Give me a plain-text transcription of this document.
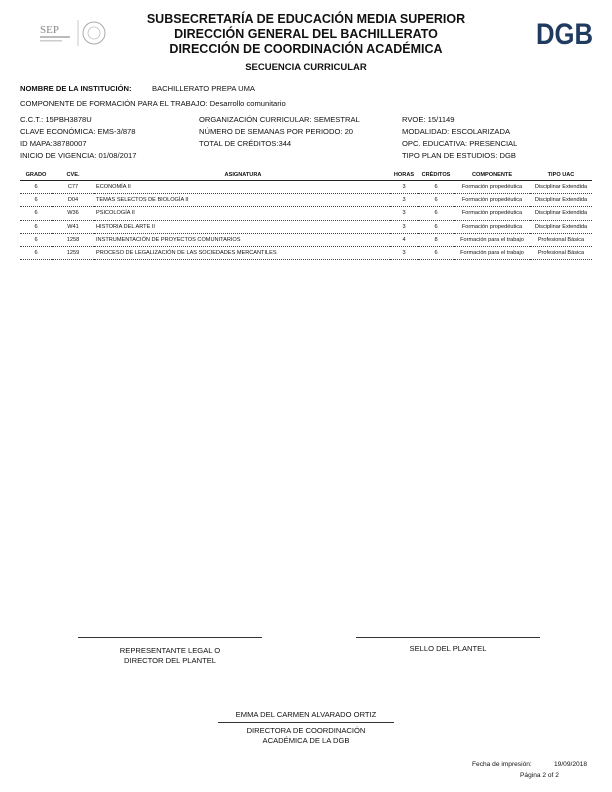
SEP	DGB
SUBSECRETARÍA DE EDUCACIÓN MEDIA SUPERIOR
DIRECCIÓN GENERAL DEL BACHILLERATO
DIRECCIÓN DE COORDINACIÓN ACADÉMICA
SECUENCIA CURRICULAR
NOMBRE DE LA INSTITUCIÓN:	BACHILLERATO PREPA UMA
COMPONENTE DE FORMACIÓN PARA EL TRABAJO: Desarrollo comunitario
C.C.T.: 15PBH3878U
CLAVE ECONÓMICA: EMS-3/878
ID MAPA:38780007
INICIO DE VIGENCIA: 01/08/2017
ORGANIZACIÓN CURRICULAR: SEMESTRAL
NÚMERO DE SEMANAS POR PERIODO: 20
TOTAL DE CRÉDITOS:344
RVOE: 15/1149
MODALIDAD: ESCOLARIZADA
OPC. EDUCATIVA: PRESENCIAL
TIPO PLAN DE ESTUDIOS: DGB
GRADO	CVE.	ASIGNATURA	HORAS	CRÉDITOS	COMPONENTE	TIPO UAC
6	C77	ECONOMÍA II	3	6	Formación propedéutica	Disciplinar Extendida
6	D04	TEMAS SELECTOS DE BIOLOGÍA II	3	6	Formación propedéutica	Disciplinar Extendida
6	W36	PSICOLOGÍA II	3	6	Formación propedéutica	Disciplinar Extendida
6	W41	HISTORIA DEL ARTE II	3	6	Formación propedéutica	Disciplinar Extendida
6	1258	INSTRUMENTACIÓN DE PROYECTOS COMUNITARIOS	4	8	Formación para el trabajo	Profesional Básica
6	1259	PROCESO DE LEGALIZACIÓN DE LAS SOCIEDADES MERCANTILES	3	6	Formación para el trabajo	Profesional Básica
REPRESENTANTE LEGAL O
DIRECTOR DEL PLANTEL
SELLO DEL PLANTEL
EMMA DEL CARMEN ALVARADO ORTIZ
DIRECTORA DE COORDINACIÓN
ACADÉMICA DE LA DGB
Fecha de impresión:	19/09/2018
Página 2 of 2
